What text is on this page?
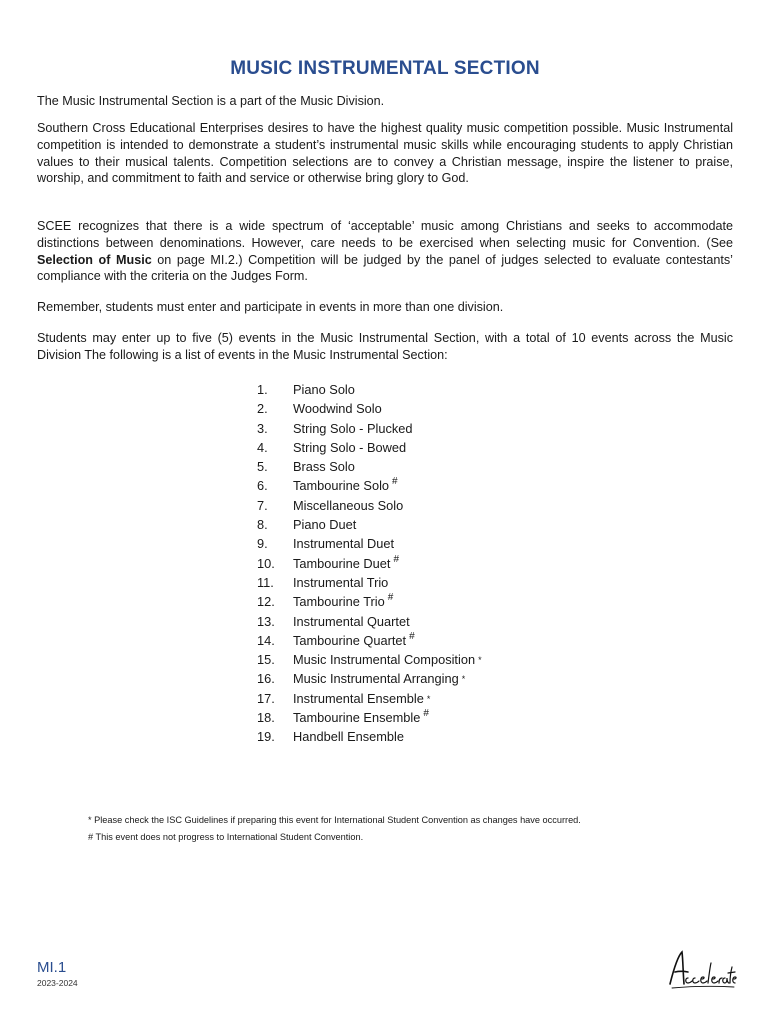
MUSIC INSTRUMENTAL SECTION

The Music Instrumental Section is a part of the Music Division.

Southern Cross Educational Enterprises desires to have the highest quality music competition possible. Music Instrumental competition is intended to demonstrate a student’s instrumental music skills while encouraging students to apply Christian values to their musical talents. Competition selections are to convey a Christian message, inspire the listener to praise, worship, and commitment to faith and service or otherwise bring glory to God.

SCEE recognizes that there is a wide spectrum of ‘acceptable’ music among Christians and seeks to accommodate distinctions between denominations. However, care needs to be exercised when selecting music for Convention. (See Selection of Music on page MI.2.) Competition will be judged by the panel of judges selected to evaluate contestants’ compliance with the criteria on the Judges Form.

Remember, students must enter and participate in events in more than one division.

Students may enter up to five (5) events in the Music Instrumental Section, with a total of 10 events across the Music Division The following is a list of events in the Music Instrumental Section:

1. Piano Solo
2. Woodwind Solo
3. String Solo - Plucked
4. String Solo - Bowed
5. Brass Solo
6. Tambourine Solo #
7. Miscellaneous Solo
8. Piano Duet
9. Instrumental Duet
10. Tambourine Duet #
11. Instrumental Trio
12. Tambourine Trio #
13. Instrumental Quartet
14. Tambourine Quartet #
15. Music Instrumental Composition *
16. Music Instrumental Arranging *
17. Instrumental Ensemble *
18. Tambourine Ensemble #
19. Handbell Ensemble
* Please check the ISC Guidelines if preparing this event for International Student Convention as changes have occurred.
# This event does not progress to International Student Convention.
MI.1
2023-2024
